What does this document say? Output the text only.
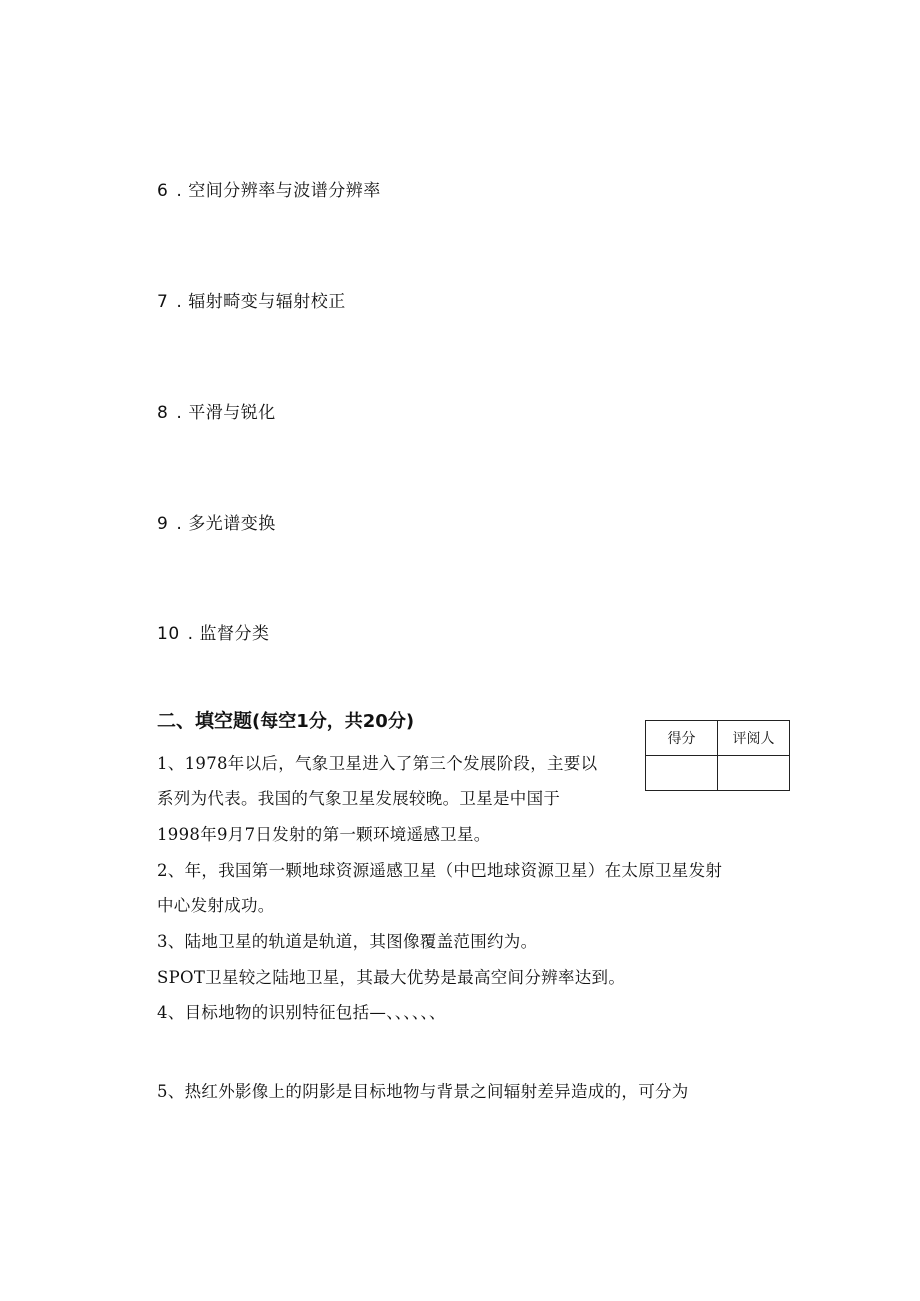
6 . 空间分辨率与波谱分辨率
7 . 辐射畸变与辐射校正
8 . 平滑与锐化
9 . 多光谱变换
10 . 监督分类
二、填空题(每空1分，共20分)
得分	评阅人

1、1978年以后，气象卫星进入了第三个发展阶段，主要以
系列为代表。我国的气象卫星发展较晚。卫星是中国于
1998年9月7日发射的第一颗环境遥感卫星。
2、年，我国第一颗地球资源遥感卫星（中巴地球资源卫星）在太原卫星发射
中心发射成功。
3、陆地卫星的轨道是轨道，其图像覆盖范围约为。
SPOT卫星较之陆地卫星，其最大优势是最高空间分辨率达到。
4、目标地物的识别特征包括—、、、、、、
5、热红外影像上的阴影是目标地物与背景之间辐射差异造成的，可分为
